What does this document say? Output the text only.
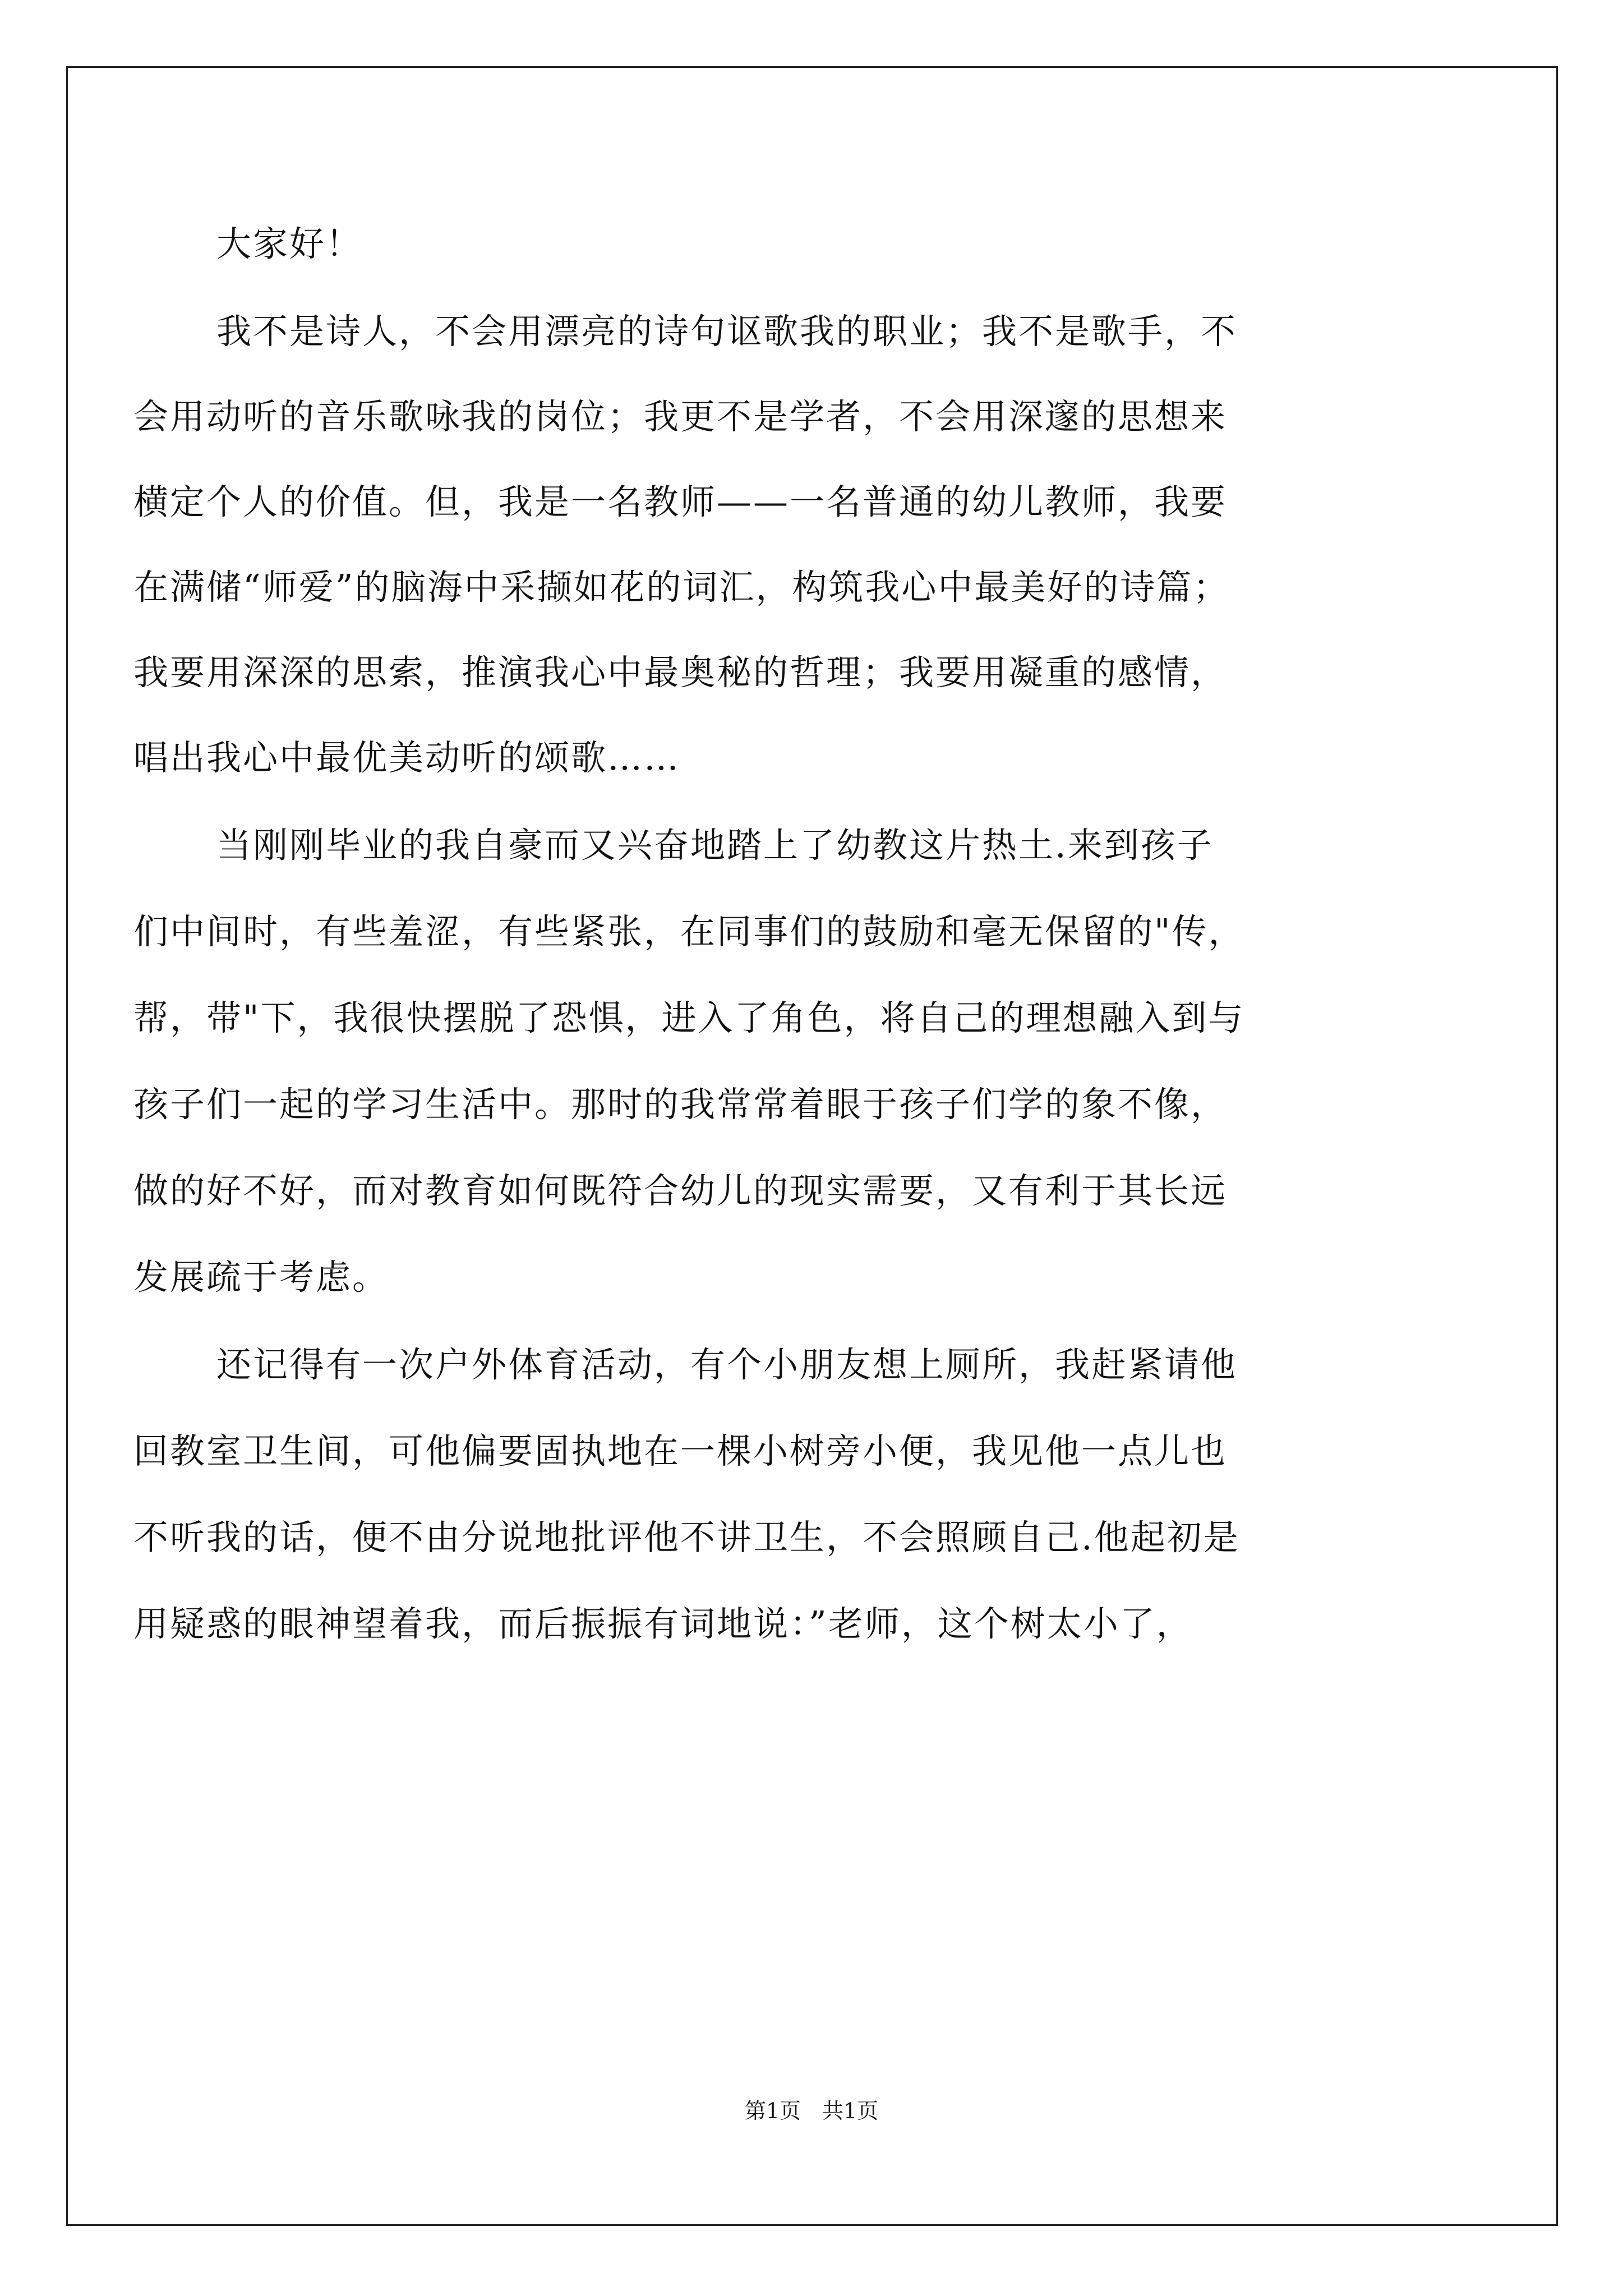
大家好！
我不是诗人，不会用漂亮的诗句讴歌我的职业；我不是歌手，不
会用动听的音乐歌咏我的岗位；我更不是学者，不会用深邃的思想来
横定个人的价值。但，我是一名教师——一名普通的幼儿教师，我要
在满储“师爱”的脑海中采撷如花的词汇，构筑我心中最美好的诗篇；
我要用深深的思索，推演我心中最奥秘的哲理；我要用凝重的感情，
唱出我心中最优美动听的颂歌……
当刚刚毕业的我自豪而又兴奋地踏上了幼教这片热土.来到孩子
们中间时，有些羞涩，有些紧张，在同事们的鼓励和毫无保留的"传，
帮，带"下，我很快摆脱了恐惧，进入了角色，将自己的理想融入到与
孩子们一起的学习生活中。那时的我常常着眼于孩子们学的象不像，
做的好不好，而对教育如何既符合幼儿的现实需要，又有利于其长远
发展疏于考虑。
还记得有一次户外体育活动，有个小朋友想上厕所，我赶紧请他
回教室卫生间，可他偏要固执地在一棵小树旁小便，我见他一点儿也
不听我的话，便不由分说地批评他不讲卫生，不会照顾自己.他起初是
用疑惑的眼神望着我，而后振振有词地说：”老师，这个树太小了，
第1页　共1页
